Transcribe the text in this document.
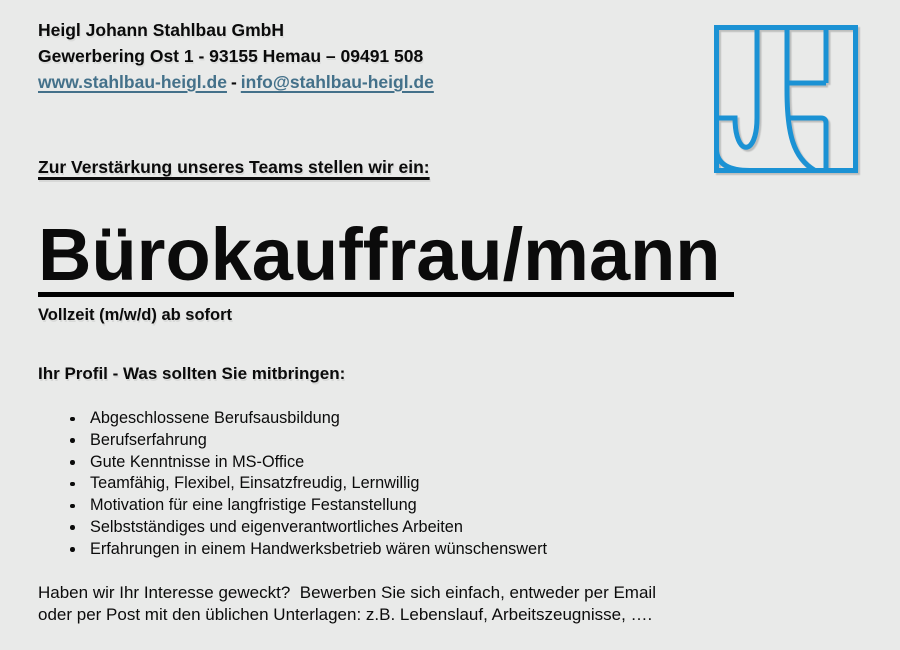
Heigl Johann Stahlbau GmbH
Gewerbering Ost 1 - 93155 Hemau – 09491 508
www.stahlbau-heigl.de - info@stahlbau-heigl.de
Zur Verstärkung unseres Teams stellen wir ein:
Bürokauffrau/mann
Vollzeit (m/w/d) ab sofort
Ihr Profil - Was sollten Sie mitbringen:
Abgeschlossene Berufsausbildung
Berufserfahrung
Gute Kenntnisse in MS-Office
Teamfähig, Flexibel, Einsatzfreudig, Lernwillig
Motivation für eine langfristige Festanstellung
Selbstständiges und eigenverantwortliches Arbeiten
Erfahrungen in einem Handwerksbetrieb wären wünschenswert
Haben wir Ihr Interesse geweckt?  Bewerben Sie sich einfach, entweder per Email
oder per Post mit den üblichen Unterlagen: z.B. Lebenslauf, Arbeitszeugnisse, ….
